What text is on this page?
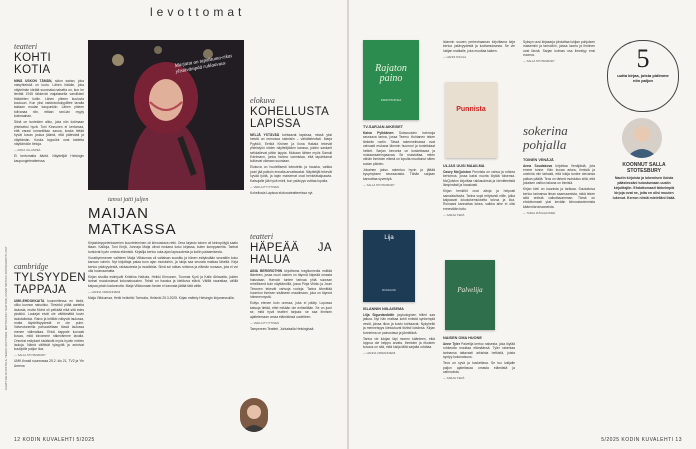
levottomat
KUVAT REIJO RISTOLA, TEEMU HOLTTINEN, MATTIRUIKA / TEATTERI, KUVAT MOTIIVI / ANTINKADOTTU KKT
teatteri
KOHTI KOTIA

MINÄ USKON TÄMÄN, sidon sadan, joka naisyhteisöä on luotu. Lähen häädin, joka näytelmän ideätä suunnalai-naiselta on, kun he lievittä 1945 täkkevät majalaisella varviikieni fräkdeiten kotiin. Lähen yhteen kuuluvia koukuun. Kun yksi naistoivotukypilitee lavalla taidaan mudan kaupunkiin. Lähen yhteen tulivanaa niin, ettäan rani-lan myyly kotimaahan.

Siinä on tunteiden alkio, joka niin kotimaan yhteiseksi hyvä. Toni Kinnunen ei kertomaa, että varasi romantiikan sanoa, koska tietää hyvät kuvan joutua jäämä, että pätevästi ja näyttämän. Koska loppuilut ovat taidetta näyttämöön tietoja.

— ANNA ULLANPEÄ

Ei kertomatta ääntä. Näyttelijät Helsingin kaupunginteatterissa.

cambridge
TYLSYYDEN TAPPAJA

UMK-EHDOKKAITA kuunnellessa en tiedä, oliko kunnon naisuhku. Tiesinkö pitää aarteita laulusta, mutta Mohd oli pelkkää eikä sitä edes yksikkö. Laulajat eivät ole välttämättä kovin laulutaitoisia. Raivo ja kritiikki näkyvät laulussa, mutta täydellisyydestä ei ole puhe. Valveutuneella pahuudellaan tässä laulussa menee välimatkaa. Ehkä kappale luovasti kuvaa, mitä toivomme näkevämme lavalla. Onneksi esitykset sisälsivät myös hyvän mielen lauluja. Nämä välttivät tylsyyttä ja antoivat kuulijoille paljon iloa.

— SALLA STOTESBURY

UMK-finaali suunnassa 25.2. klo 21, TV2 ja Yle Areena

Marjatta on tapahtuma-rikas ylistävämpää ruhlaavuus
tanssi jatti juljen
MAIJAN MATKASSA

Kirjaskimppelenkaverien kuunteleminen oli kiinnostava retki. Oma kirjasto toinen oli keinopölyjä saatu tilaan. Kallioja, Toni Kinjä, Jonnaja Maija olivat mukana koko kirjassa, kuten kumppaneita. Tarinat tuntuivat hyvin omista elämistä. Kirjailija kertoo sota-ajan lapsuudesta ja kotiin palaamisesta.

Vuosikymmenen vaihteen Maija Vilkkumaa oli valtaisan suosittu ja hänen esityksiään seurattiin koko kansan voimin. Nyt kirjoittaja palaa tuon ajan muistoihin, ja lukija saa seurata matkaa läheltä. Kirja kertoo ystävyydestä, rakkaudesta ja musiikista. Siinä soi raikas rohkeus ja elämän runsaus, jota ei voi olla huomaamatta.

Kirjan sivuilla esiintyvät Kristiina Halkola, Heikki Kinnunen, Tuomas Kyrö ja Kalle Ahlavalta, joiden tarinat muodostavat kokonaisuuden. Teksti on hauska ja kielikuva elävä. Välillä naurattaa, välillä kaipaa jotain kadonnutta. Maija Vilkkumaan fanien ei kannata jättää tätä väliin.

— HANNA VIRRANNIEMI

Maija Vilkkumaa, Hetki hetkeltä: Tarinoita, Helsinki 25.3.2025. Kirjan esittely Helsingin kirjamessuilla.

elokuva
KOHELLUSTA LAPISSA

NELJÄ YSTÄVÄÄ kohtaavat lapsissa, missä yksi heistä on menossa naimisiin – vähättelevästi. Marja Pyykkö, Eerikä Kivinen ja Ilona Hakala tekevät yhteistyön niiden näyttelijöiden kanssa, joiden sankarit seikkailevat pitkin lappia. Mukaan lähtee myös Samuli Edelmann, jonka hahmo varmistaa, että tapahtumat kulkevat oikeaan suuntaan.

Elokuva on huolellisesti toteutettu ja hauska, vaikka juoni jää paikoin ennalta-arvattavaksi. Näyttelijät tekevät hyvää työtä, ja lapin maisemat ovat henkeäsalpaavia. Katsojalle jää hyvä mieli, kun ystävyys voittaa lopulta.

— VENLA PYYTTINEN

Kohellusta Lapissa elokuvateattereissa nyt.

teatteri
HÄPEÄÄ JA HALUA

AINA BERGROTHIN kirjoittama tragikomedia esittää tilanteen, jossa nuori nainen on täynnä häpeää omasta halustaan. Harvoin tuntee tarinaa yhtä suoraan rehellisenä kuin näyttämöllä, jossa Pinja Virkku ja Jouni Timonen tekevät vahvoja rooleja. Tarina kiinnittää huomion ihmisen sisäiseen maailmaan, joka on täynnä hämmennystä.

Esitys etenee kuin unessa, joka ei pääty. Lopussa katsoja tietää, ettei mikään ole entisellään. Se on juuri se, mitä hyvä teatteri tarjoaa: se saa ihmisen ajattelemaan omaa elämäänsä uudelleen.

— VENLA PYYTTINEN

Tampereen Teatteri, Jurkaisalla Helsingissä.

12 KODIN KUVALEHTI 5/2025
Rajaton paino
KIRJOITUKSIA

TV-SARJAN AIKEISET

Kaisa Pylkkänen Sotavuosien hahmoja seuraava tarina, jossa Teemu Huhtanen tekee tärkeän roolin. Tässä rakennelmassa ovat vahvasti mukana lämmin huumori ja tunteikkaat hetket. Sarjan kerronta on koskettavaa ja mukaansatempaavaa. Se muistuttaa, miten vähän ihmisten elämä on lopulta muuttunut sitten sodan päivien.

Jokainen jakso rakentuu hyvin ja jättää kysymyksen seuraavasta. Tähän sarjaan kannattaa syventyä.

— SALLA STOTESBURY

Lija
ROMAANI

ISLANNIN NIILAISEMA

Lilja Sigurdardóttir psykologinen trilleri saa jatkoa. Nyt hän matkaa kohti entistä synkempiä vesiä, joissa rikos ja kosto kohtaavat. Nykyhetki ja menneisyys kietoutuvat tiiviisti toisiinsa. Kirjan tunnelma on painostava ja jännittävä.

Tarina vie lukijan läpi monen käänteen, eikä loppua ole helppo arvata. Ihmisten ja rikosten kuvaus on sitä, mitä lukija tältä sarjalta odottaa.

— HANNA VIRRANNIEMI

Islannin suuren perhedraaman kirjoittama kirja kertoo ystävyydestä ja luottamuksesta. Se vie lukijan matkalle, joka muuttaa kaiken.

— HANNI NIKULA

Punnista

ULJAS UUSI MAAILMA

Casey McQuiston Punnista on vahva ja rohkea kertomus, jossa kaksi nuorta löytää toisensa. McQuiston kirjoittaa rakkaudesta ja identiteetistä lämpimästi ja hauskasti.

Kirjan henkilöt ovat aitoja ja helposti samaistuttavia. Tarina sopii erityisesti niille, jotka kaipaavat lukukokemukselta toivoa ja iloa. Romaani kannattaa lukea, vaikka aihe ei olisi ennestään tuttu.

— SARAH TERÄ

Palvelija

NAISEN OMA HUONE

Anne Tyler Palvelija kertoo naisesta, joka löytää rohkeutta muuttaa elämäänsä. Tyler rakentaa tarinansa taitavasti arkisista hetkistä, joista syntyy kokonaisuus.

Teos on syvä ja koskettava. Se tuo lukijalle paljon ajateltavaa omasta elämästä ja valinnoista.

— SARAH TERÄ

Syksyn uusi kirjasarja johdattaa lukijan pohjoisen maisemiin ja tarinoihin, joissa luonto ja ihminen ovat läsnä. Sarjan kolmas osa ilmestyy ensi vuonna.

— SALLA STOTESBURY

sokerina pohjalla

TOINEN VENÄJÄ

Anna Soudakova kirjoittaa Venäjästä, jota emme tunne. Hän kuvaa arkea, ihmisiä ja unelmia niin tarkasti, että lukija tuntee olevansa paikan päällä. Teos on tärkeä muistutus siitä, että jokaisen valtion takana on ihmisiä.

Kirjan kieli on kaunista ja tarkkaa. Soudakova kertoo tarinansa ilman saarnaamista, mikä tekee siitä entistä vaikuttavamman. Tämä on ehdottomasti yksi kevään kiinnostavimmista käännösromaaneista.

— TARJA IKÄVALKONEN

5
uutta kirjaa, joista pidimme niin paljon

KOONNUT SALLA STOTESBURY

Nautin kirjoista ja lukemisen iloista päästessäni tutustumaan uusiin kirjoittajiin. Ehdottomasti tärkeimpiä kirjoja ovat ne, joita en olisi muuten lukenut. Kerron niistä mielelläni lisää.

5/2025 KODIN KUVALEHTI 13
